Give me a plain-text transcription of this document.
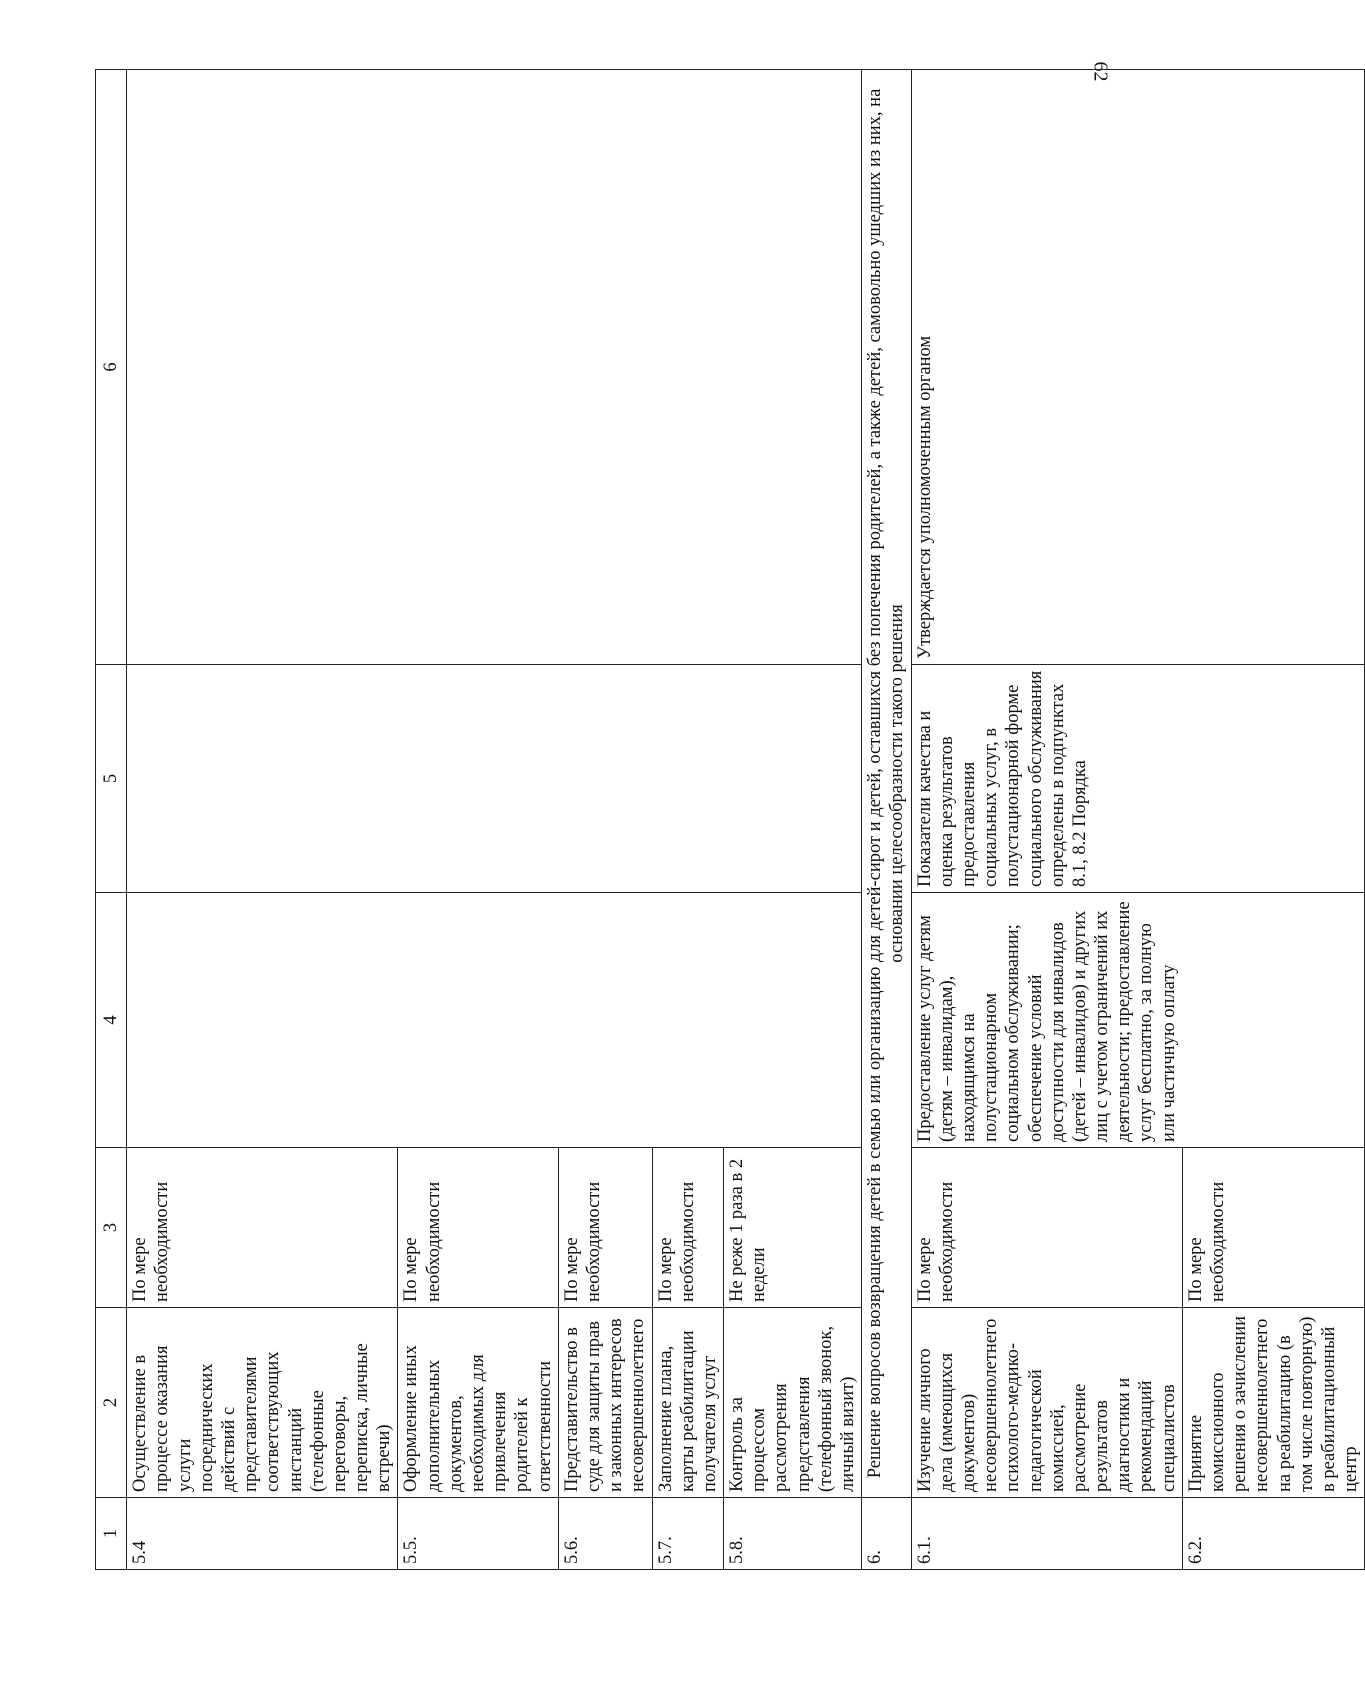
62
1	2	3	4	5	6
5.4	Осуществление в процессе оказания услуги посреднических действий с представителями соответствующих инстанций (телефонные переговоры, переписка, личные встречи)	По мере необходимости			
5.5.	Оформление иных дополнительных документов, необходимых для привлечения родителей к ответственности	По мере необходимости			
5.6.	Представительство в суде для защиты прав и законных интересов несовершеннолетнего	По мере необходимости			
5.7.	Заполнение плана, карты реабилитации получателя услуг	По мере необходимости			
5.8.	Контроль за процессом рассмотрения представления (телефонный звонок, личный визит)	Не реже 1 раза в 2 недели			
6.	Решение вопросов возвращения детей в семью или организацию для детей-сирот и детей, оставшихся без попечения родителей, а также детей, самовольно ушедших из них, на основании целесообразности такого решения				
6.1.	Изучение личного дела (имеющихся документов) несовершеннолетнего психолого-медико-педагогической комиссией, рассмотрение результатов диагностики и рекомендаций специалистов	По мере необходимости	Предоставление услуг детям (детям – инвалидам), находящимся на полустационарном социальном обслуживании; обеспечение условий доступности для инвалидов (детей – инвалидов) и других лиц с учетом ограничений их деятельности; предоставление услуг бесплатно, за полную или частичную оплату	Показатели качества и оценка результатов предоставления социальных услуг, в полустационарной форме социального обслуживания определены в подпунктах 8.1, 8.2 Порядка	Утверждается уполномоченным органом
6.2.	Принятие комиссионного решения о зачислении несовершеннолетнего на реабилитацию (в том числе повторную) в реабилитационный центр	По мере необходимости			
